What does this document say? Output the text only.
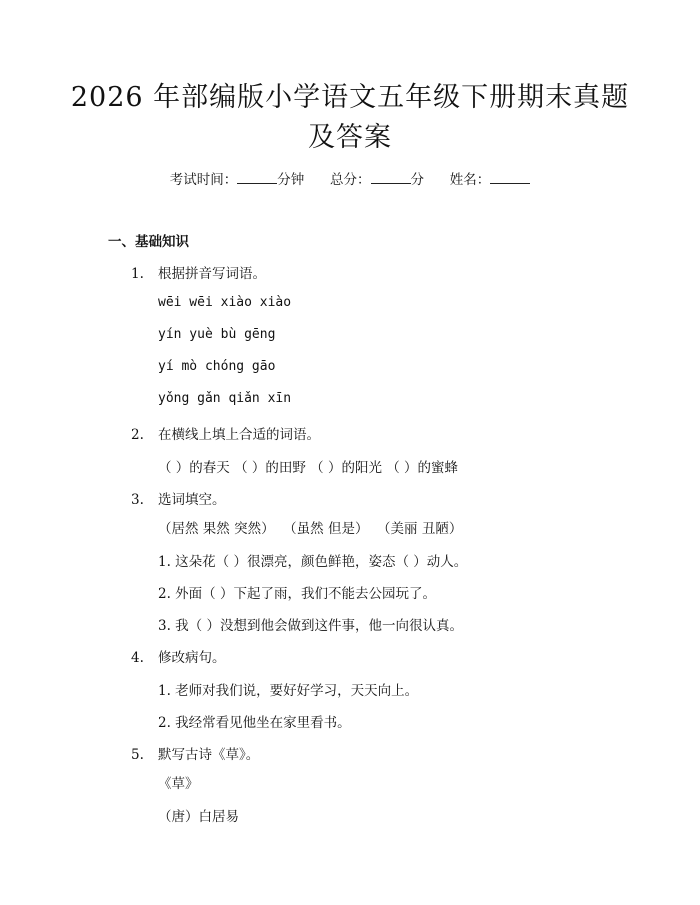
2026 年部编版小学语文五年级下册期末真题
及答案
考试时间：	分钟 总分：	分 姓名：
一、基础知识
1. 根据拼音写词语。
wēi wēi xiào xiào
yín yuè bù gēng
yí mò chóng gāo
yǒng gǎn qiǎn xīn
2. 在横线上填上合适的词语。
（ ）的春天 （ ）的田野 （ ）的阳光 （ ）的蜜蜂
3. 选词填空。
（居然 果然 突然）  （虽然 但是）  （美丽 丑陋）
1. 这朵花（ ）很漂亮，颜色鲜艳，姿态（ ）动人。
2. 外面（ ）下起了雨，我们不能去公园玩了。
3. 我（ ）没想到他会做到这件事，他一向很认真。
4. 修改病句。
1. 老师对我们说，要好好学习，天天向上。
2. 我经常看见他坐在家里看书。
5. 默写古诗《草》。
《草》
（唐）白居易
